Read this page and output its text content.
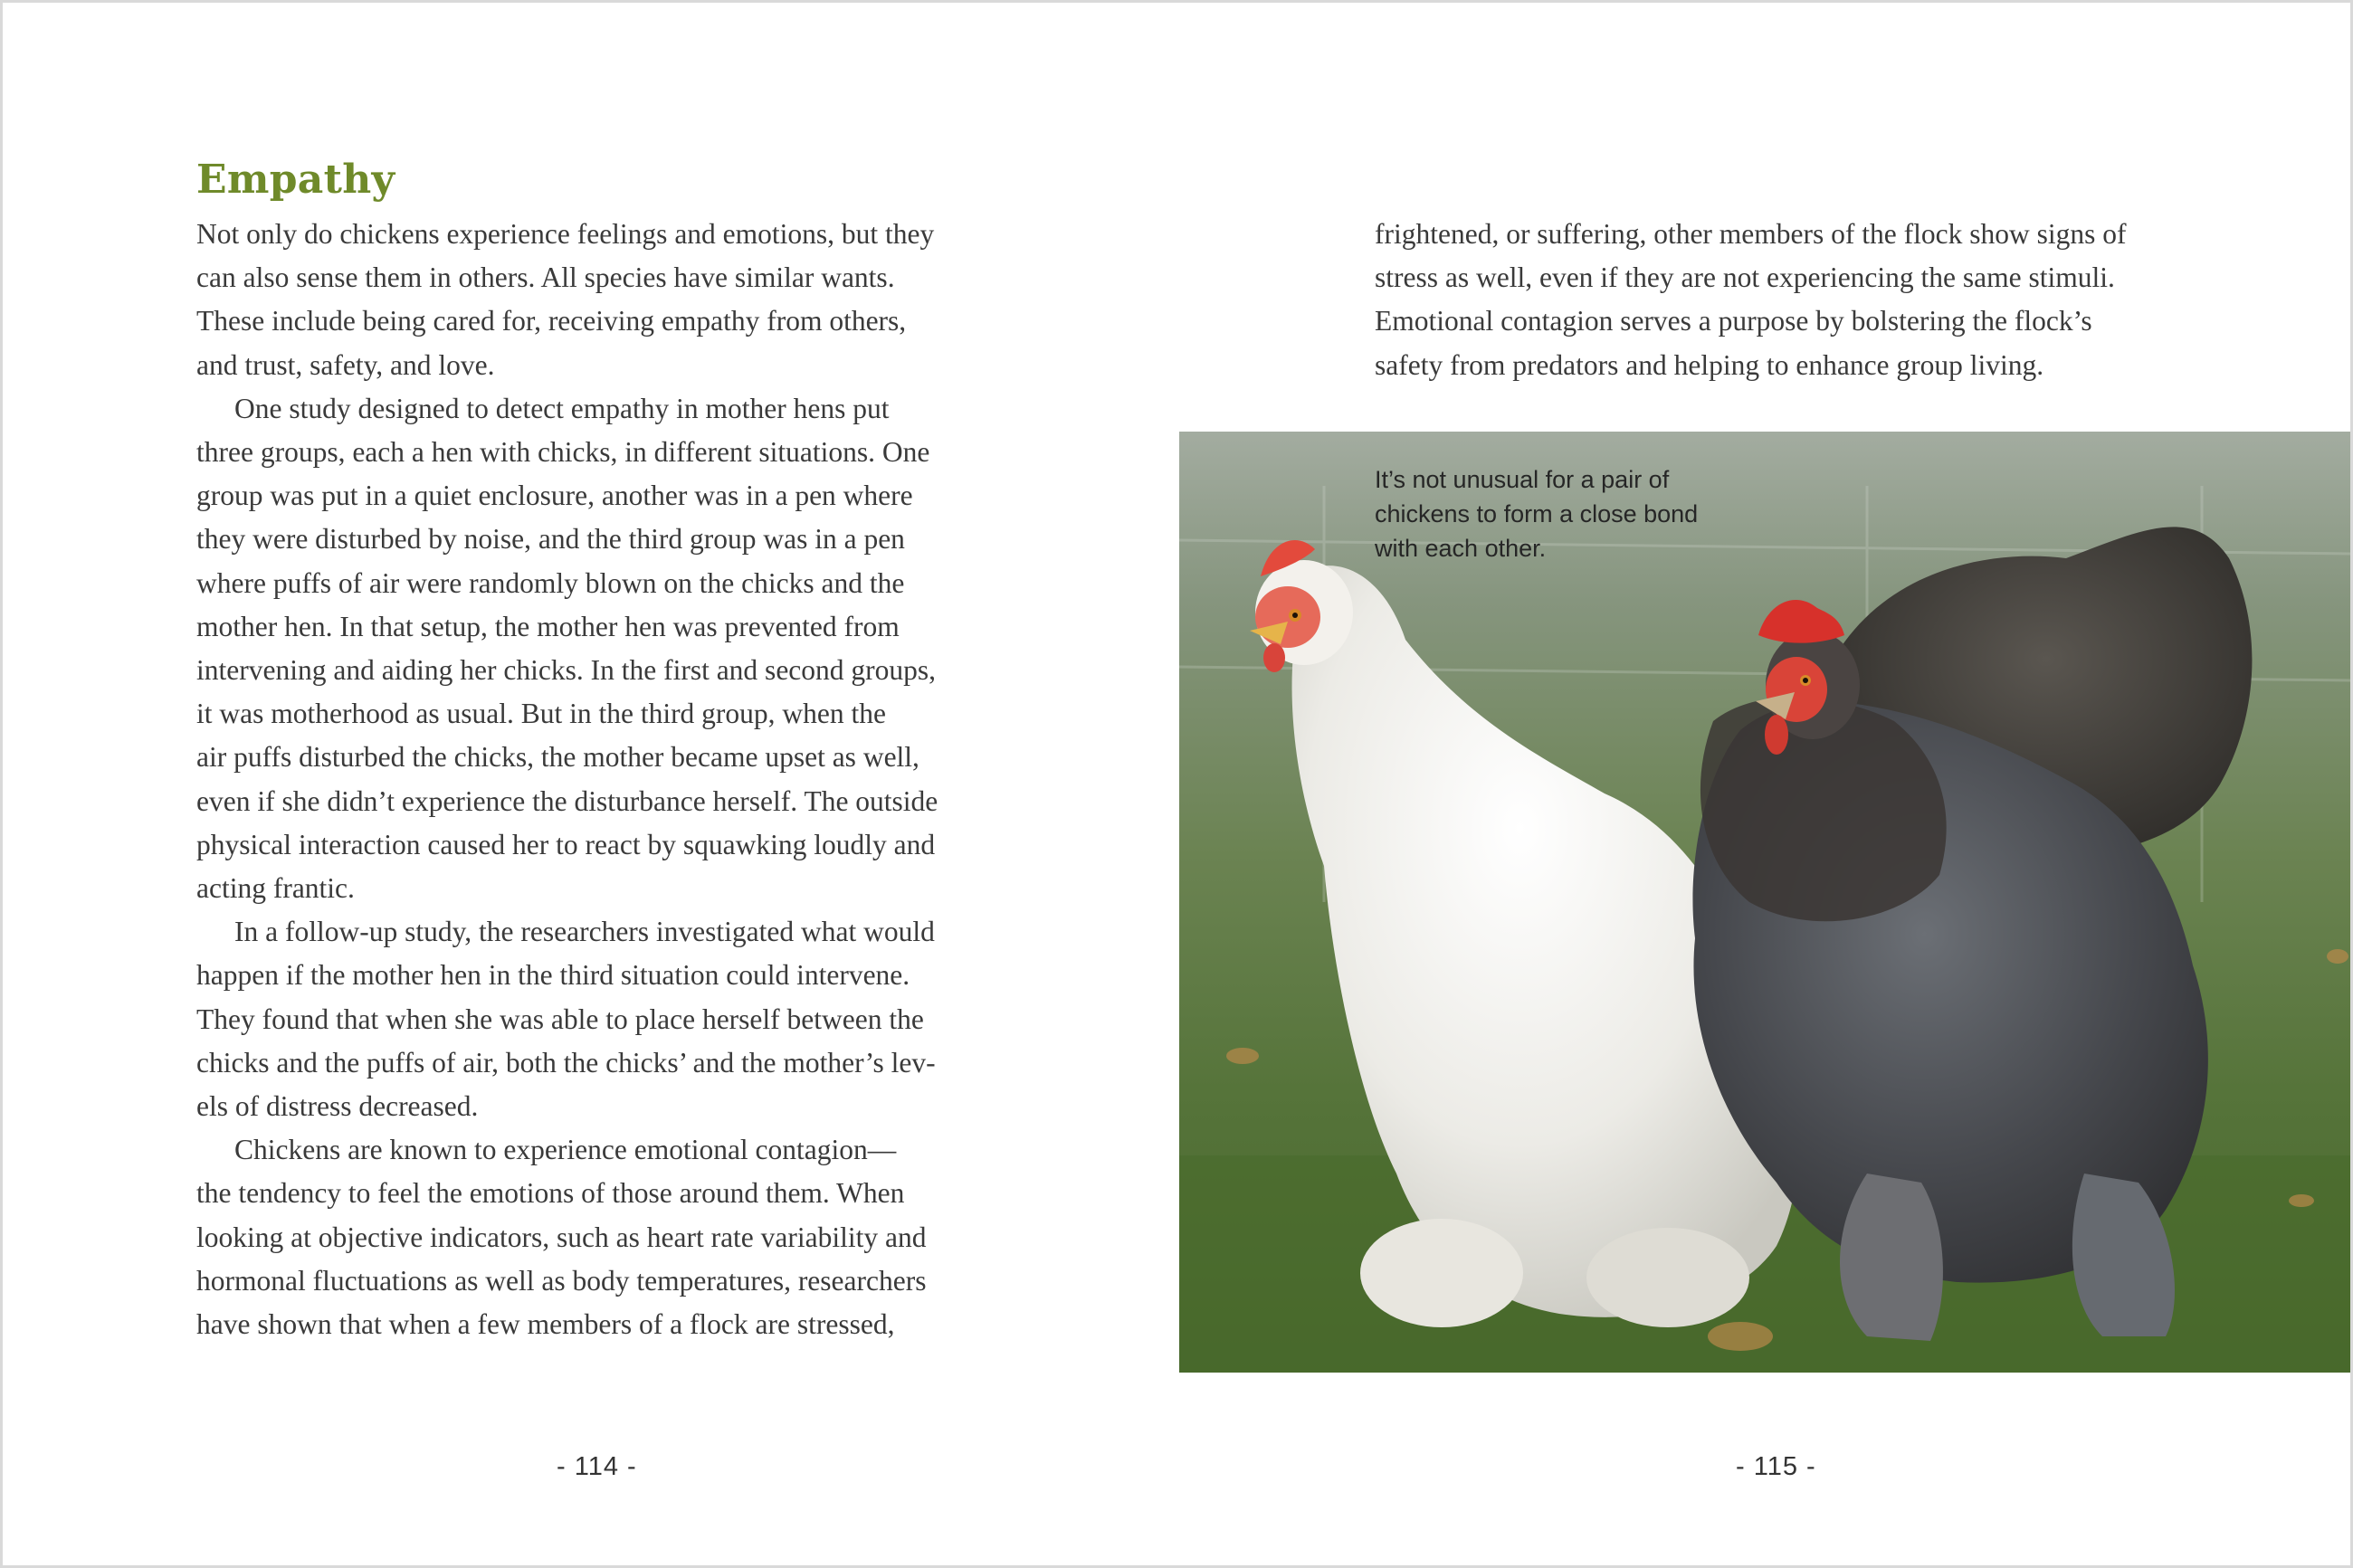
Empathy
Not only do chickens experience feelings and emotions, but they
can also sense them in others. All species have similar wants.
These include being cared for, receiving empathy from others,
and trust, safety, and love.
One study designed to detect empathy in mother hens put
three groups, each a hen with chicks, in different situations. One
group was put in a quiet enclosure, another was in a pen where
they were disturbed by noise, and the third group was in a pen
where puffs of air were randomly blown on the chicks and the
mother hen. In that setup, the mother hen was prevented from
intervening and aiding her chicks. In the first and second groups,
it was motherhood as usual. But in the third group, when the
air puffs disturbed the chicks, the mother became upset as well,
even if she didn’t experience the disturbance herself. The outside
physical interaction caused her to react by squawking loudly and
acting frantic.
In a follow-up study, the researchers investigated what would
happen if the mother hen in the third situation could intervene.
They found that when she was able to place herself between the
chicks and the puffs of air, both the chicks’ and the mother’s lev-
els of distress decreased.
Chickens are known to experience emotional contagion—
the tendency to feel the emotions of those around them. When
looking at objective indicators, such as heart rate variability and
hormonal fluctuations as well as body temperatures, researchers
have shown that when a few members of a flock are stressed,
- 114 -
frightened, or suffering, other members of the flock show signs of
stress as well, even if they are not experiencing the same stimuli.
Emotional contagion serves a purpose by bolstering the flock’s
safety from predators and helping to enhance group living.
- 115 -
It’s not unusual for a pair of
chickens to form a close bond
with each other.
